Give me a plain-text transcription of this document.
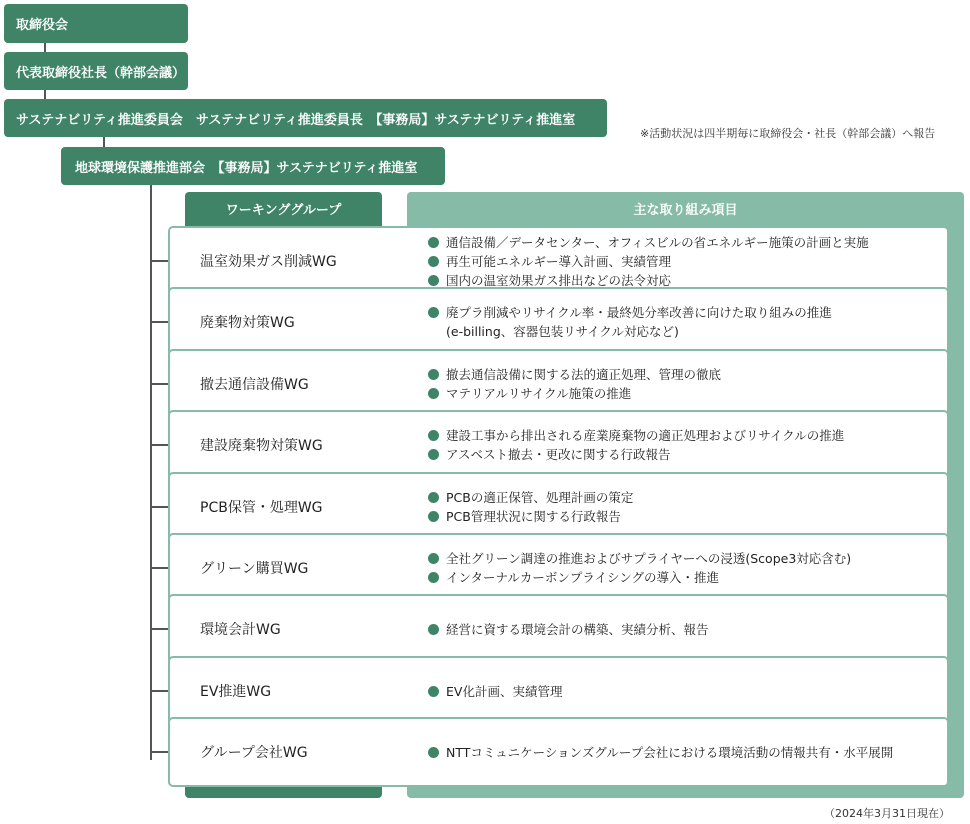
取締役会
代表取締役社長（幹部会議）
サステナビリティ推進委員会　サステナビリティ推進委員長　【事務局】サステナビリティ推進室
※活動状況は四半期毎に取締役会・社長（幹部会議）へ報告
地球環境保護推進部会　【事務局】サステナビリティ推進室
ワーキンググループ	主な取り組み項目
温室効果ガス削減WG
通信設備／データセンター、オフィスビルの省エネルギー施策の計画と実施
再生可能エネルギー導入計画、実績管理
国内の温室効果ガス排出などの法令対応
廃棄物対策WG
廃プラ削減やリサイクル率・最終処分率改善に向けた取り組みの推進
(e-billing、容器包装リサイクル対応など)
撤去通信設備WG
撤去通信設備に関する法的適正処理、管理の徹底
マテリアルリサイクル施策の推進
建設廃棄物対策WG
建設工事から排出される産業廃棄物の適正処理およびリサイクルの推進
アスベスト撤去・更改に関する行政報告
PCB保管・処理WG
PCBの適正保管、処理計画の策定
PCB管理状況に関する行政報告
グリーン購買WG
全社グリーン調達の推進およびサプライヤーへの浸透(Scope3対応含む)
インターナルカーボンプライシングの導入・推進
環境会計WG	経営に資する環境会計の構築、実績分析、報告
EV推進WG	EV化計画、実績管理
グループ会社WG	NTTコミュニケーションズグループ会社における環境活動の情報共有・水平展開
（2024年3月31日現在）
